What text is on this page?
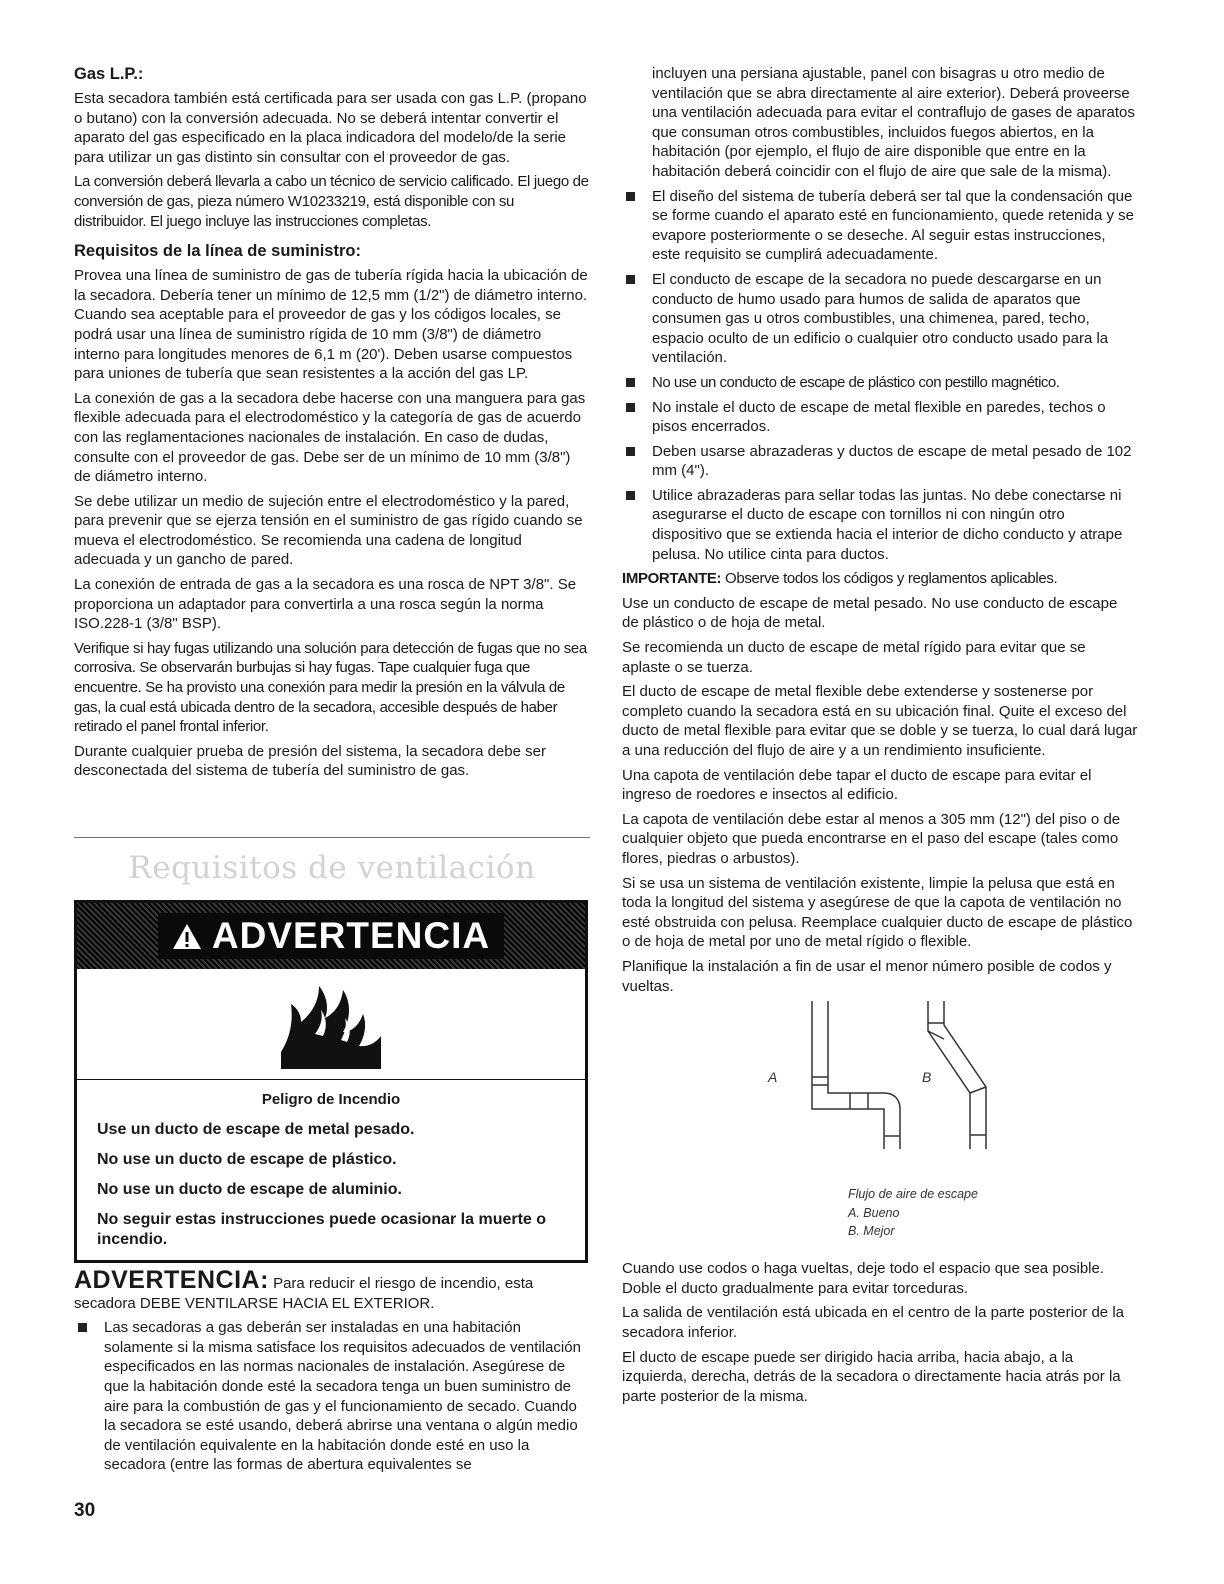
Gas L.P.:

Esta secadora también está certificada para ser usada con gas L.P. (propano o butano) con la conversión adecuada. No se deberá intentar convertir el aparato del gas especificado en la placa indicadora del modelo/de la serie para utilizar un gas distinto sin consultar con el proveedor de gas.

La conversión deberá llevarla a cabo un técnico de servicio calificado. El juego de conversión de gas, pieza número W10233219, está disponible con su distribuidor. El juego incluye las instrucciones completas.

Requisitos de la línea de suministro:

Provea una línea de suministro de gas de tubería rígida hacia la ubicación de la secadora. Debería tener un mínimo de 12,5 mm (1/2") de diámetro interno. Cuando sea aceptable para el proveedor de gas y los códigos locales, se podrá usar una línea de suministro rígida de 10 mm (3/8") de diámetro interno para longitudes menores de 6,1 m (20'). Deben usarse compuestos para uniones de tubería que sean resistentes a la acción del gas LP.

La conexión de gas a la secadora debe hacerse con una manguera para gas flexible adecuada para el electrodoméstico y la categoría de gas de acuerdo con las reglamentaciones nacionales de instalación. En caso de dudas, consulte con el proveedor de gas. Debe ser de un mínimo de 10 mm (3/8") de diámetro interno.

Se debe utilizar un medio de sujeción entre el electrodoméstico y la pared, para prevenir que se ejerza tensión en el suministro de gas rígido cuando se mueva el electrodoméstico. Se recomienda una cadena de longitud adecuada y un gancho de pared.

La conexión de entrada de gas a la secadora es una rosca de NPT 3/8". Se proporciona un adaptador para convertirla a una rosca según la norma ISO.228-1 (3/8" BSP).

Verifique si hay fugas utilizando una solución para detección de fugas que no sea corrosiva. Se observarán burbujas si hay fugas. Tape cualquier fuga que encuentre. Se ha provisto una conexión para medir la presión en la válvula de gas, la cual está ubicada dentro de la secadora, accesible después de haber retirado el panel frontal inferior.

Durante cualquier prueba de presión del sistema, la secadora debe ser desconectada del sistema de tubería del suministro de gas.

Requisitos de ventilación
ADVERTENCIA
Peligro de Incendio
Use un ducto de escape de metal pesado.
No use un ducto de escape de plástico.
No use un ducto de escape de aluminio.
No seguir estas instrucciones puede ocasionar la muerte o incendio.
ADVERTENCIA: Para reducir el riesgo de incendio, esta secadora DEBE VENTILARSE HACIA EL EXTERIOR.
Las secadoras a gas deberán ser instaladas en una habitación solamente si la misma satisface los requisitos adecuados de ventilación especificados en las normas nacionales de instalación. Asegúrese de que la habitación donde esté la secadora tenga un buen suministro de aire para la combustión de gas y el funcionamiento de secado. Cuando la secadora se esté usando, deberá abrirse una ventana o algún medio de ventilación equivalente en la habitación donde esté en uso la secadora (entre las formas de abertura equivalentes se
30
incluyen una persiana ajustable, panel con bisagras u otro medio de ventilación que se abra directamente al aire exterior). Deberá proveerse una ventilación adecuada para evitar el contraflujo de gases de aparatos que consuman otros combustibles, incluidos fuegos abiertos, en la habitación (por ejemplo, el flujo de aire disponible que entre en la habitación deberá coincidir con el flujo de aire que sale de la misma).
El diseño del sistema de tubería deberá ser tal que la condensación que se forme cuando el aparato esté en funcionamiento, quede retenida y se evapore posteriormente o se deseche. Al seguir estas instrucciones, este requisito se cumplirá adecuadamente.
El conducto de escape de la secadora no puede descargarse en un conducto de humo usado para humos de salida de aparatos que consumen gas u otros combustibles, una chimenea, pared, techo, espacio oculto de un edificio o cualquier otro conducto usado para la ventilación.
No use un conducto de escape de plástico con pestillo magnético.
No instale el ducto de escape de metal flexible en paredes, techos o pisos encerrados.
Deben usarse abrazaderas y ductos de escape de metal pesado de 102 mm (4").
Utilice abrazaderas para sellar todas las juntas. No debe conectarse ni asegurarse el ducto de escape con tornillos ni con ningún otro dispositivo que se extienda hacia el interior de dicho conducto y atrape pelusa. No utilice cinta para ductos.

IMPORTANTE: Observe todos los códigos y reglamentos aplicables.

Use un conducto de escape de metal pesado. No use conducto de escape de plástico o de hoja de metal.

Se recomienda un ducto de escape de metal rígido para evitar que se aplaste o se tuerza.

El ducto de escape de metal flexible debe extenderse y sostenerse por completo cuando la secadora está en su ubicación final. Quite el exceso del ducto de metal flexible para evitar que se doble y se tuerza, lo cual dará lugar a una reducción del flujo de aire y a un rendimiento insuficiente.

Una capota de ventilación debe tapar el ducto de escape para evitar el ingreso de roedores e insectos al edificio.

La capota de ventilación debe estar al menos a 305 mm (12") del piso o de cualquier objeto que pueda encontrarse en el paso del escape (tales como flores, piedras o arbustos).

Si se usa un sistema de ventilación existente, limpie la pelusa que está en toda la longitud del sistema y asegúrese de que la capota de ventilación no esté obstruida con pelusa. Reemplace cualquier ducto de escape de plástico o de hoja de metal por uno de metal rígido o flexible.

Planifique la instalación a fin de usar el menor número posible de codos y vueltas.

A	B
Flujo de aire de escape
A. Bueno
B. Mejor

Cuando use codos o haga vueltas, deje todo el espacio que sea posible. Doble el ducto gradualmente para evitar torceduras.

La salida de ventilación está ubicada en el centro de la parte posterior de la secadora inferior.

El ducto de escape puede ser dirigido hacia arriba, hacia abajo, a la izquierda, derecha, detrás de la secadora o directamente hacia atrás por la parte posterior de la misma.
